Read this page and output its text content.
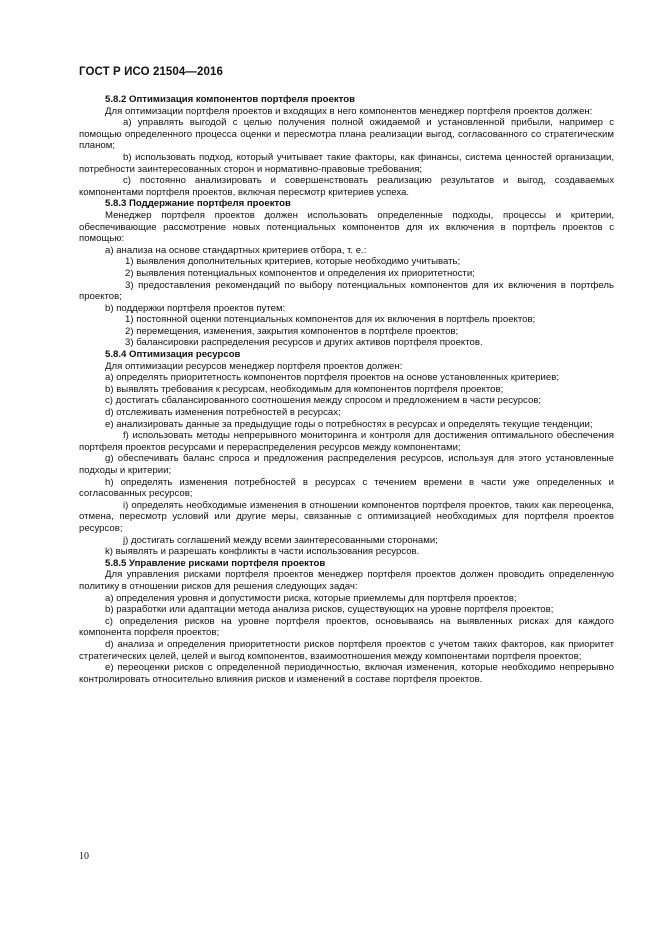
ГОСТ Р ИСО 21504—2016

5.8.2 Оптимизация компонентов портфеля проектов

Для оптимизации портфеля проектов и входящих в него компонентов менеджер портфеля проектов должен:

a) управлять выгодой с целью получения полной ожидаемой и установленной прибыли, например с помощью определенного процесса оценки и пересмотра плана реализации выгод, согласованного со стратегическим планом;

b) использовать подход, который учитывает такие факторы, как финансы, система ценностей организации, потребности заинтересованных сторон и нормативно-правовые требования;

c) постоянно анализировать и совершенствовать реализацию результатов и выгод, создаваемых компонентами портфеля проектов, включая пересмотр критериев успеха.

5.8.3 Поддержание портфеля проектов

Менеджер портфеля проектов должен использовать определенные подходы, процессы и критерии, обеспечивающие рассмотрение новых потенциальных компонентов для их включения в портфель проектов с помощью:

a) анализа на основе стандартных критериев отбора, т. е.:

1) выявления дополнительных критериев, которые необходимо учитывать;

2) выявления потенциальных компонентов и определения их приоритетности;

3) предоставления рекомендаций по выбору потенциальных компонентов для их включения в портфель проектов;

b) поддержки портфеля проектов путем:

1) постоянной оценки потенциальных компонентов для их включения в портфель проектов;

2) перемещения, изменения, закрытия компонентов в портфеле проектов;

3) балансировки распределения ресурсов и других активов портфеля проектов.

5.8.4 Оптимизация ресурсов

Для оптимизации ресурсов менеджер портфеля проектов должен:

a) определять приоритетность компонентов портфеля проектов на основе установленных критериев;

b) выявлять требования к ресурсам, необходимым для компонентов портфеля проектов;

c) достигать сбалансированного соотношения между спросом и предложением в части ресурсов;

d) отслеживать изменения потребностей в ресурсах;

e) анализировать данные за предыдущие годы о потребностях в ресурсах и определять текущие тенденции;

f) использовать методы непрерывного мониторинга и контроля для достижения оптимального обеспечения портфеля проектов ресурсами и перераспределения ресурсов между компонентами;

g) обеспечивать баланс спроса и предложения распределения ресурсов, используя для этого установленные подходы и критерии;

h) определять изменения потребностей в ресурсах с течением времени в части уже определенных и согласованных ресурсов;

i) определять необходимые изменения в отношении компонентов портфеля проектов, таких как переоценка, отмена, пересмотр условий или другие меры, связанные с оптимизацией необходимых для портфеля проектов ресурсов;

j) достигать соглашений между всеми заинтересованными сторонами;

k) выявлять и разрешать конфликты в части использования ресурсов.

5.8.5 Управление рисками портфеля проектов

Для управления рисками портфеля проектов менеджер портфеля проектов должен проводить определенную политику в отношении рисков для решения следующих задач:

a) определения уровня и допустимости риска, которые приемлемы для портфеля проектов;

b) разработки или адаптации метода анализа рисков, существующих на уровне портфеля проектов;

c) определения рисков на уровне портфеля проектов, основываясь на выявленных рисках для каждого компонента порфеля проектов;

d) анализа и определения приоритетности рисков портфеля проектов с учетом таких факторов, как приоритет стратегических целей, целей и выгод компонентов, взаимоотношения между компонентами портфеля проектов;

e) переоценки рисков с определенной периодичностью, включая изменения, которые необходимо непрерывно контролировать относительно влияния рисков и изменений в составе портфеля проектов.

10
